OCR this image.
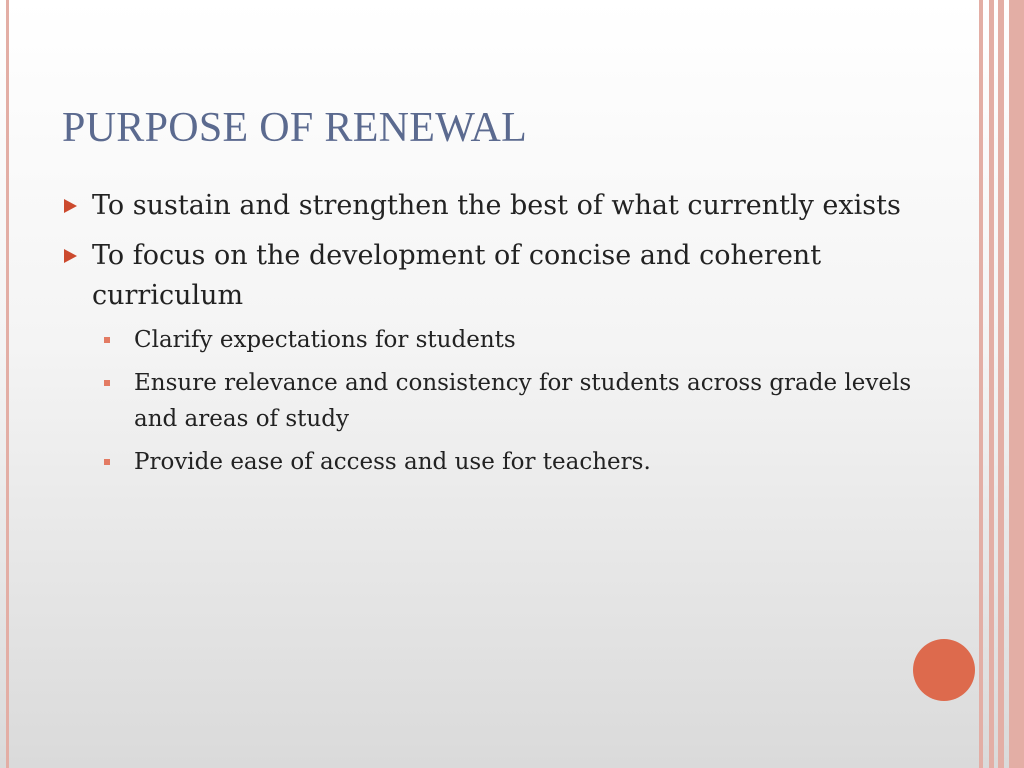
PURPOSE OF RENEWAL
To sustain and strengthen the best of what currently exists
To focus on the development of concise and coherent curriculum
Clarify expectations for students
Ensure relevance and consistency for students across grade levels and areas of study
Provide ease of access and use for teachers.
